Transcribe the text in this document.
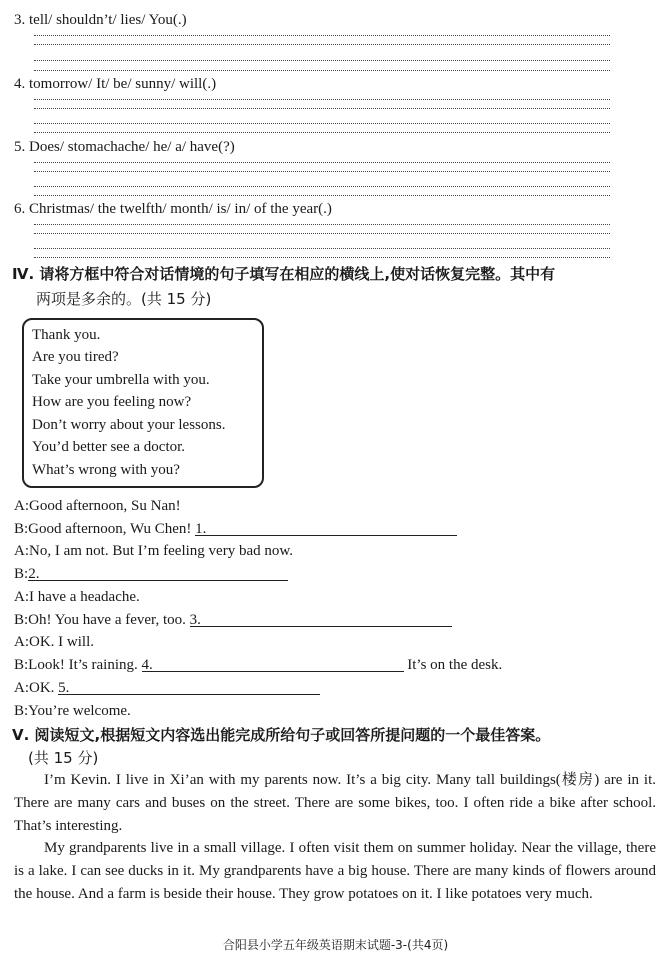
3. tell/ shouldn’t/ lies/ You(.)
4. tomorrow/ It/ be/ sunny/ will(.)
5. Does/ stomachache/ he/ a/ have(?)
6. Christmas/ the twelfth/ month/ is/ in/ of the year(.)
Ⅳ. 请将方框中符合对话情境的句子填写在相应的横线上,使对话恢复完整。其中有
两项是多余的。(共 15 分)
Thank you.
Are you tired?
Take your umbrella with you.
How are you feeling now?
Don’t worry about your lessons.
You’d better see a doctor.
What’s wrong with you?
A:Good afternoon, Su Nan!
B:Good afternoon, Wu Chen! 1.
A:No, I am not. But I’m feeling very bad now.
B:2.
A:I have a headache.
B:Oh! You have a fever, too. 3.
A:OK. I will.
B:Look! It’s raining. 4.	It’s on the desk.
A:OK. 5.
B:You’re welcome.
Ⅴ. 阅读短文,根据短文内容选出能完成所给句子或回答所提问题的一个最佳答案。
(共 15 分)

I’m Kevin. I live in Xi’an with my parents now. It’s a big city. Many tall buildings(楼房) are in it. There are many cars and buses on the street. There are some bikes, too. I often ride a bike after school. That’s interesting.

My grandparents live in a small village. I often visit them on summer holiday. Near the village, there is a lake. I can see ducks in it. My grandparents have a big house. There are many kinds of flowers around the house. And a farm is beside their house. They grow potatoes on it. I like potatoes very much.

合阳县小学五年级英语期末试题-3-(共4页)
